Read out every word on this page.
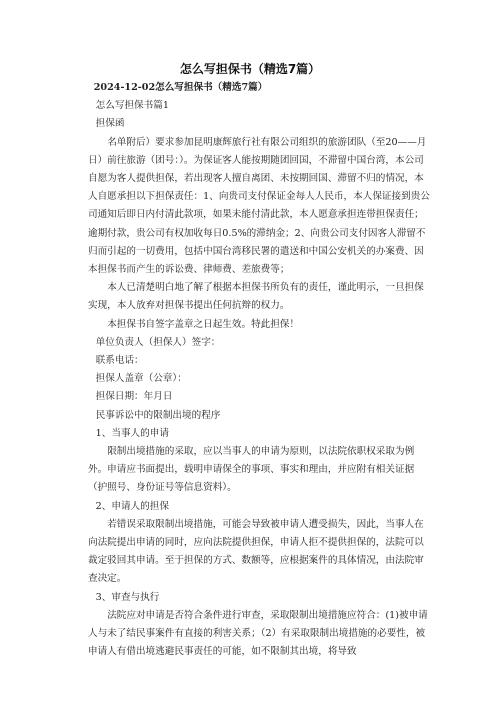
怎么写担保书（精选7篇）

2024-12-02怎么写担保书（精选7篇）

怎么写担保书篇1

担保函

名单附后）要求参加昆明康辉旅行社有限公司组织的旅游团队（至20——月日）前往旅游（团号：）。为保证客人能按期随团回国，不滞留中国台湾，本公司自愿为客人提供担保，若出现客人擅自离团、未按期回国、滞留不归的情况，本人自愿承担以下担保责任：1、向贵司支付保证金每人人民币，本人保证接到贵公司通知后即日内付清此款项，如果未能付清此款，本人愿意承担连带担保责任；逾期付款，贵公司有权加收每日0.5%的滞纳金；2、向贵公司支付因客人滞留不归而引起的一切费用，包括中国台湾移民署的遣送和中国公安机关的办案费、因本担保书而产生的诉讼费、律师费、差旅费等；

本人已清楚明白地了解了根据本担保书所负有的责任，谨此明示，一旦担保实现，本人放弃对担保书提出任何抗辩的权力。

本担保书自签字盖章之日起生效。特此担保！

单位负责人（担保人）签字：

联系电话：

担保人盖章（公章）：

担保日期：年月日

民事诉讼中的限制出境的程序

1、当事人的申请

限制出境措施的采取，应以当事人的申请为原则，以法院依职权采取为例外。申请应书面提出，载明申请保全的事项、事实和理由，并应附有相关证据（护照号、身份证号等信息资料）。

2、申请人的担保

若错误采取限制出境措施，可能会导致被申请人遭受损失，因此，当事人在向法院提出申请的同时，应向法院提供担保，申请人拒不提供担保的，法院可以裁定驳回其申请。至于担保的方式、数额等，应根据案件的具体情况，由法院审查决定。

3、审查与执行

法院应对申请是否符合条件进行审查，采取限制出境措施应符合：(1)被申请人与未了结民事案件有直接的利害关系；（2）有采取限制出境措施的必要性，被申请人有借出境逃避民事责任的可能，如不限制其出境，将导致
